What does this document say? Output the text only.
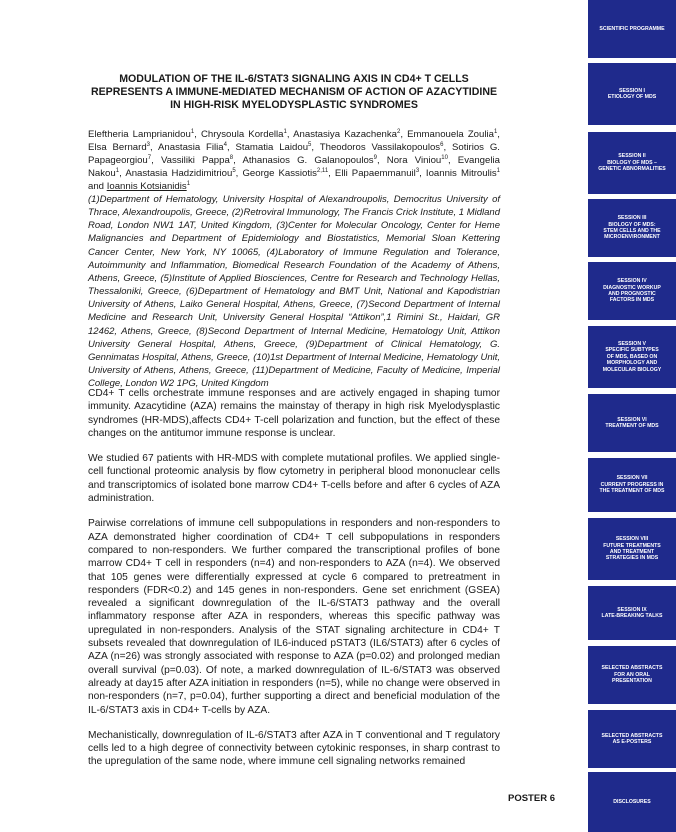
MODULATION OF THE IL-6/STAT3 SIGNALING AXIS IN CD4+ T CELLS REPRESENTS A IMMUNE-MEDIATED MECHANISM OF ACTION OF AZACYTIDINE IN HIGH-RISK MYELODYSPLASTIC SYNDROMES
Eleftheria Lamprianidou$^1$, Chrysoula Kordella$^1$, Anastasiya Kazachenka$^2$, Emmanouela Zoulia$^1$, Elsa Bernard$^3$, Anastasia Filia$^4$, Stamatia Laidou$^5$, Theodoros Vassilakopoulos$^6$, Sotirios G. Papageorgiou$^7$, Vassiliki Pappa$^8$, Athanasios G. Galanopoulos$^9$, Nora Viniou$^{10}$, Evangelia Nakou$^1$, Anastasia Hadzidimitriou$^5$, George Kassiotis$^{2,11}$, Elli Papaemmanuil$^3$, Ioannis Mitroulis$^1$ and Ioannis Kotsianidis$^1$
(1)Department of Hematology, University Hospital of Alexandroupolis, Democritus University of Thrace, Alexandroupolis, Greece, (2)Retroviral Immunology, The Francis Crick Institute, 1 Midland Road, London NW1 1AT, United Kingdom, (3)Center for Molecular Oncology, Center for Heme Malignancies and Department of Epidemiology and Biostatistics, Memorial Sloan Kettering Cancer Center, New York, NY 10065, (4)Laboratory of Immune Regulation and Tolerance, Autoimmunity and Inflammation, Biomedical Research Foundation of the Academy of Athens, Athens, Greece, (5)Institute of Applied Biosciences, Centre for Research and Technology Hellas, Thessaloniki, Greece, (6)Department of Hematology and BMT Unit, National and Kapodistrian University of Athens, Laiko General Hospital, Athens, Greece, (7)Second Department of Internal Medicine and Research Unit, University General Hospital “Attikon”,1 Rimini St., Haidari, GR 12462, Athens, Greece, (8)Second Department of Internal Medicine, Hematology Unit, Attikon University General Hospital, Athens, Greece, (9)Department of Clinical Hematology, G. Gennimatas Hospital, Athens, Greece, (10)1st Department of Internal Medicine, Hematology Unit, University of Athens, Athens, Greece, (11)Department of Medicine, Faculty of Medicine, Imperial College, London W2 1PG, United Kingdom

CD4+ T cells orchestrate immune responses and are actively engaged in shaping tumor immunity. Azacytidine (AZA) remains the mainstay of therapy in high risk Myelodysplastic syndromes (HR-MDS),affects CD4+ T-cell polarization and function, but the effect of these changes on the antitumor immune response is unclear.

We studied 67 patients with HR-MDS with complete mutational profiles. We applied single-cell functional proteomic analysis by flow cytometry in peripheral blood mononuclear cells and transcriptomics of isolated bone marrow CD4+ T-cells before and after 6 cycles of AZA administration.

Pairwise correlations of immune cell subpopulations in responders and non-responders to AZA demonstrated higher coordination of CD4+ T cell subpopulations in responders compared to non-responders. We further compared the transcriptional profiles of bone marrow CD4+ T cell in responders (n=4) and non-responders to AZA (n=4). We observed that 105 genes were differentially expressed at cycle 6 compared to pretreatment in responders (FDR<0.2) and 145 genes in non-responders. Gene set enrichment (GSEA) revealed a significant downregulation of the IL-6/STAT3 pathway and the overall inflammatory response after AZA in responders, whereas this specific pathway was upregulated in non-responders. Analysis of the STAT signaling architecture in CD4+ T subsets revealed that downregulation of IL6-induced pSTAT3 (IL6/STAT3) after 6 cycles of AZA (n=26) was strongly associated with response to AZA (p=0.02) and prolonged median overall survival (p=0.03). Of note, a marked downregulation of IL-6/STAT3 was observed already at day15 after AZA initiation in responders (n=5), while no change were observed in non-responders (n=7, p=0.04), further supporting a direct and beneficial modulation of the IL-6/STAT3 axis in CD4+ T-cells by AZA.

Mechanistically, downregulation of IL-6/STAT3 after AZA in T conventional and T regulatory cells led to a high degree of connectivity between cytokinic responses, in sharp contrast to the upregulation of the same node, where immune cell signaling networks remained

POSTER 6
SCIENTIFIC PROGRAMME
SESSION I
ETIOLOGY OF MDS
SESSION II
BIOLOGY OF MDS –
GENETIC ABNORMALITIES
SESSION III
BIOLOGY OF MDS:
STEM CELLS AND THE
MICROENVIRONMENT
SESSION IV
DIAGNOSTIC WORKUP
AND PROGNOSTIC
FACTORS IN MDS
SESSION V
SPECIFIC SUBTYPES
OF MDS, BASED ON
MORPHOLOGY AND
MOLECULAR BIOLOGY
SESSION VI
TREATMENT OF MDS
SESSION VII
CURRENT PROGRESS IN
THE TREATMENT OF MDS
SESSION VIII
FUTURE TREATMENTS
AND TREATMENT
STRATEGIES IN MDS
SESSION IX
LATE-BREAKING TALKS
SELECTED ABSTRACTS
FOR AN ORAL
PRESENTATION
SELECTED ABSTRACTS
AS E-POSTERS
DISCLOSURES
